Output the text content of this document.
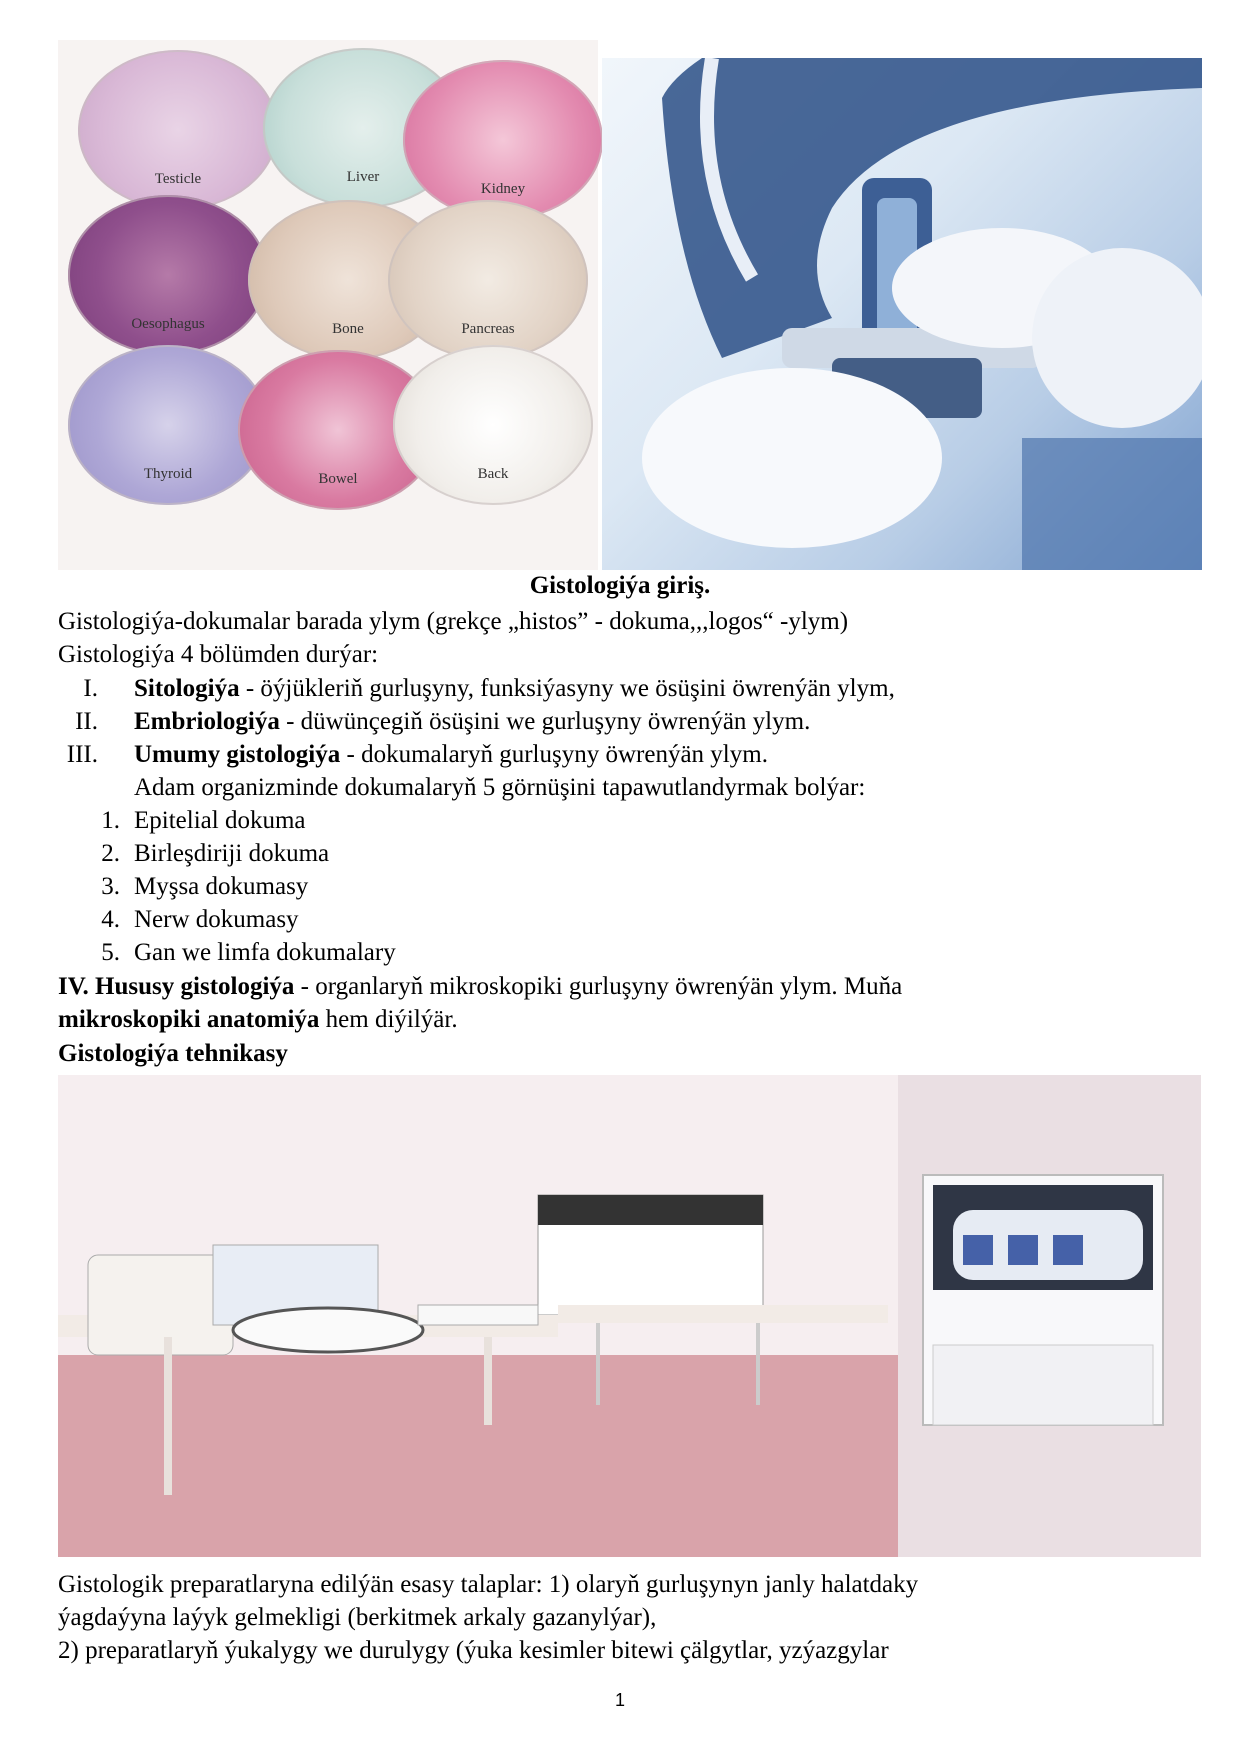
Testicle	Liver
Kidney
Oesophagus	Bone	Pancreas
Thyroid	Bowel	Back
Gistologiýa giriş.
Gistologiýa-dokumalar barada ylym (grekçe „histos” - dokuma,,,logos“ -ylym)
Gistologiýa 4 bölümden durýar:
I. Sitologiýa - öýjükleriň gurluşyny, funksiýasyny we ösüşini öwrenýän ylym,
II. Embriologiýa - düwünçegiň ösüşini we gurluşyny öwrenýän ylym.
III. Umumy gistologiýa - dokumalaryň gurluşyny öwrenýän ylym.
Adam organizminde dokumalaryň 5 görnüşini tapawutlandyrmak bolýar:
1. Epitelial dokuma
2. Birleşdiriji dokuma
3. Myşsa dokumasy
4. Nerw dokumasy
5. Gan we limfa dokumalary
IV. Hususy gistologiýa - organlaryň mikroskopiki gurluşyny öwrenýän ylym. Muňa
mikroskopiki anatomiýa hem diýilýär.
Gistologiýa tehnikasy
Gistologik preparatlaryna edilýän esasy talaplar: 1) olaryň gurluşynyn janly halatdaky
ýagdaýyna laýyk gelmekligi (berkitmek arkaly gazanylýar),
2) preparatlaryň ýukalygy we durulygy (ýuka kesimler bitewi çälgytlar, yzýazgylar
1
